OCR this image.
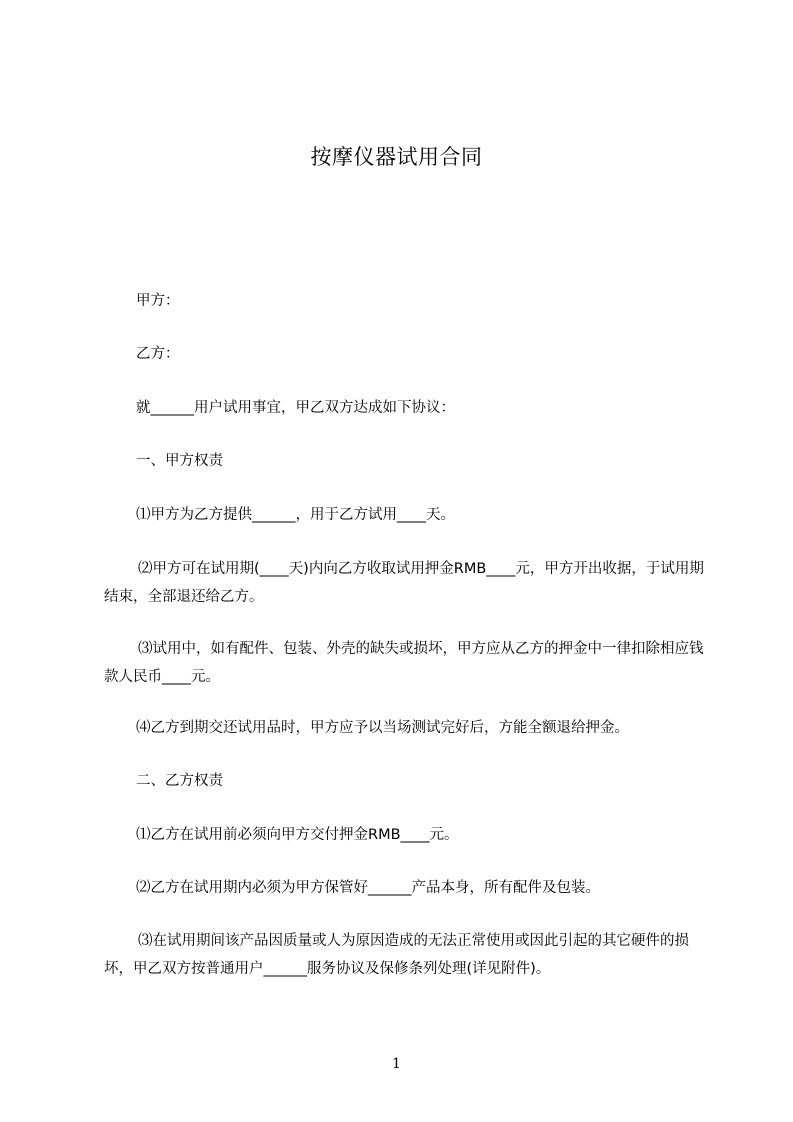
按摩仪器试用合同
甲方：
乙方：
就______用户试用事宜，甲乙双方达成如下协议：
一、甲方权责
⑴甲方为乙方提供______，用于乙方试用____天。
⑵甲方可在试用期(____天)内向乙方收取试用押金RMB____元，甲方开出收据，于试用期结束，全部退还给乙方。
⑶试用中，如有配件、包装、外壳的缺失或损坏，甲方应从乙方的押金中一律扣除相应钱款人民币____元。
⑷乙方到期交还试用品时，甲方应予以当场测试完好后，方能全额退给押金。
二、乙方权责
⑴乙方在试用前必须向甲方交付押金RMB____元。
⑵乙方在试用期内必须为甲方保管好______产品本身，所有配件及包装。
⑶在试用期间该产品因质量或人为原因造成的无法正常使用或因此引起的其它硬件的损坏，甲乙双方按普通用户______服务协议及保修条列处理(详见附件)。
1
